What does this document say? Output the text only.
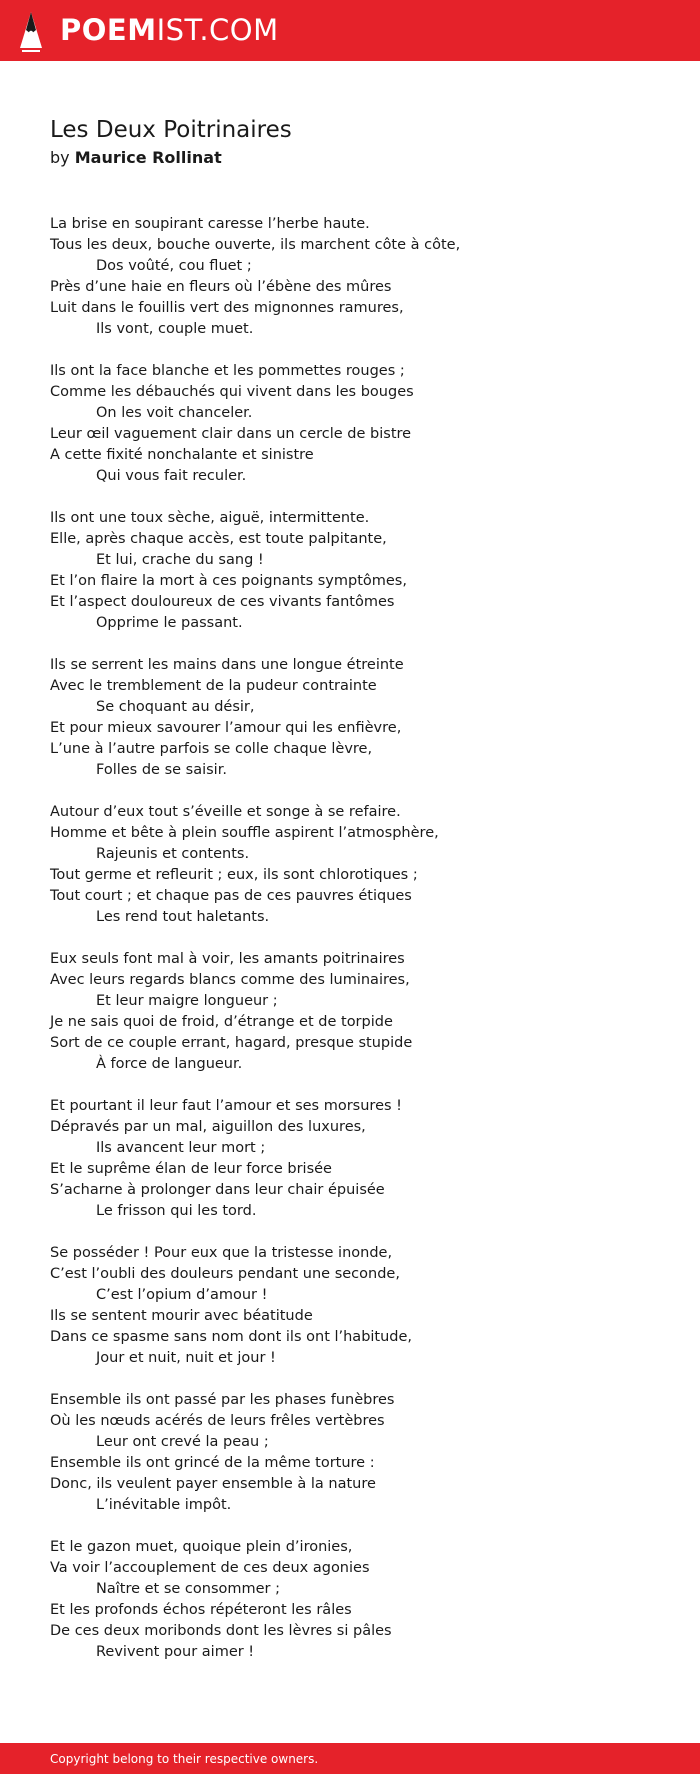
POEMIST.COM
Les Deux Poitrinaires

by Maurice Rollinat

La brise en soupirant caresse l’herbe haute.
Tous les deux, bouche ouverte, ils marchent côte à côte,
Dos voûté, cou fluet ;
Près d’une haie en fleurs où l’ébène des mûres
Luit dans le fouillis vert des mignonnes ramures,
Ils vont, couple muet.
Ils ont la face blanche et les pommettes rouges ;
Comme les débauchés qui vivent dans les bouges
On les voit chanceler.
Leur œil vaguement clair dans un cercle de bistre
A cette fixité nonchalante et sinistre
Qui vous fait reculer.
Ils ont une toux sèche, aiguë, intermittente.
Elle, après chaque accès, est toute palpitante,
Et lui, crache du sang !
Et l’on flaire la mort à ces poignants symptômes,
Et l’aspect douloureux de ces vivants fantômes
Opprime le passant.
Ils se serrent les mains dans une longue étreinte
Avec le tremblement de la pudeur contrainte
Se choquant au désir,
Et pour mieux savourer l’amour qui les enfièvre,
L’une à l’autre parfois se colle chaque lèvre,
Folles de se saisir.
Autour d’eux tout s’éveille et songe à se refaire.
Homme et bête à plein souffle aspirent l’atmosphère,
Rajeunis et contents.
Tout germe et refleurit ; eux, ils sont chlorotiques ;
Tout court ; et chaque pas de ces pauvres étiques
Les rend tout haletants.
Eux seuls font mal à voir, les amants poitrinaires
Avec leurs regards blancs comme des luminaires,
Et leur maigre longueur ;
Je ne sais quoi de froid, d’étrange et de torpide
Sort de ce couple errant, hagard, presque stupide
À force de langueur.
Et pourtant il leur faut l’amour et ses morsures !
Dépravés par un mal, aiguillon des luxures,
Ils avancent leur mort ;
Et le suprême élan de leur force brisée
S’acharne à prolonger dans leur chair épuisée
Le frisson qui les tord.
Se posséder ! Pour eux que la tristesse inonde,
C’est l’oubli des douleurs pendant une seconde,
C’est l’opium d’amour !
Ils se sentent mourir avec béatitude
Dans ce spasme sans nom dont ils ont l’habitude,
Jour et nuit, nuit et jour !
Ensemble ils ont passé par les phases funèbres
Où les nœuds acérés de leurs frêles vertèbres
Leur ont crevé la peau ;
Ensemble ils ont grincé de la même torture :
Donc, ils veulent payer ensemble à la nature
L’inévitable impôt.
Et le gazon muet, quoique plein d’ironies,
Va voir l’accouplement de ces deux agonies
Naître et se consommer ;
Et les profonds échos répéteront les râles
De ces deux moribonds dont les lèvres si pâles
Revivent pour aimer !
Copyright belong to their respective owners.
